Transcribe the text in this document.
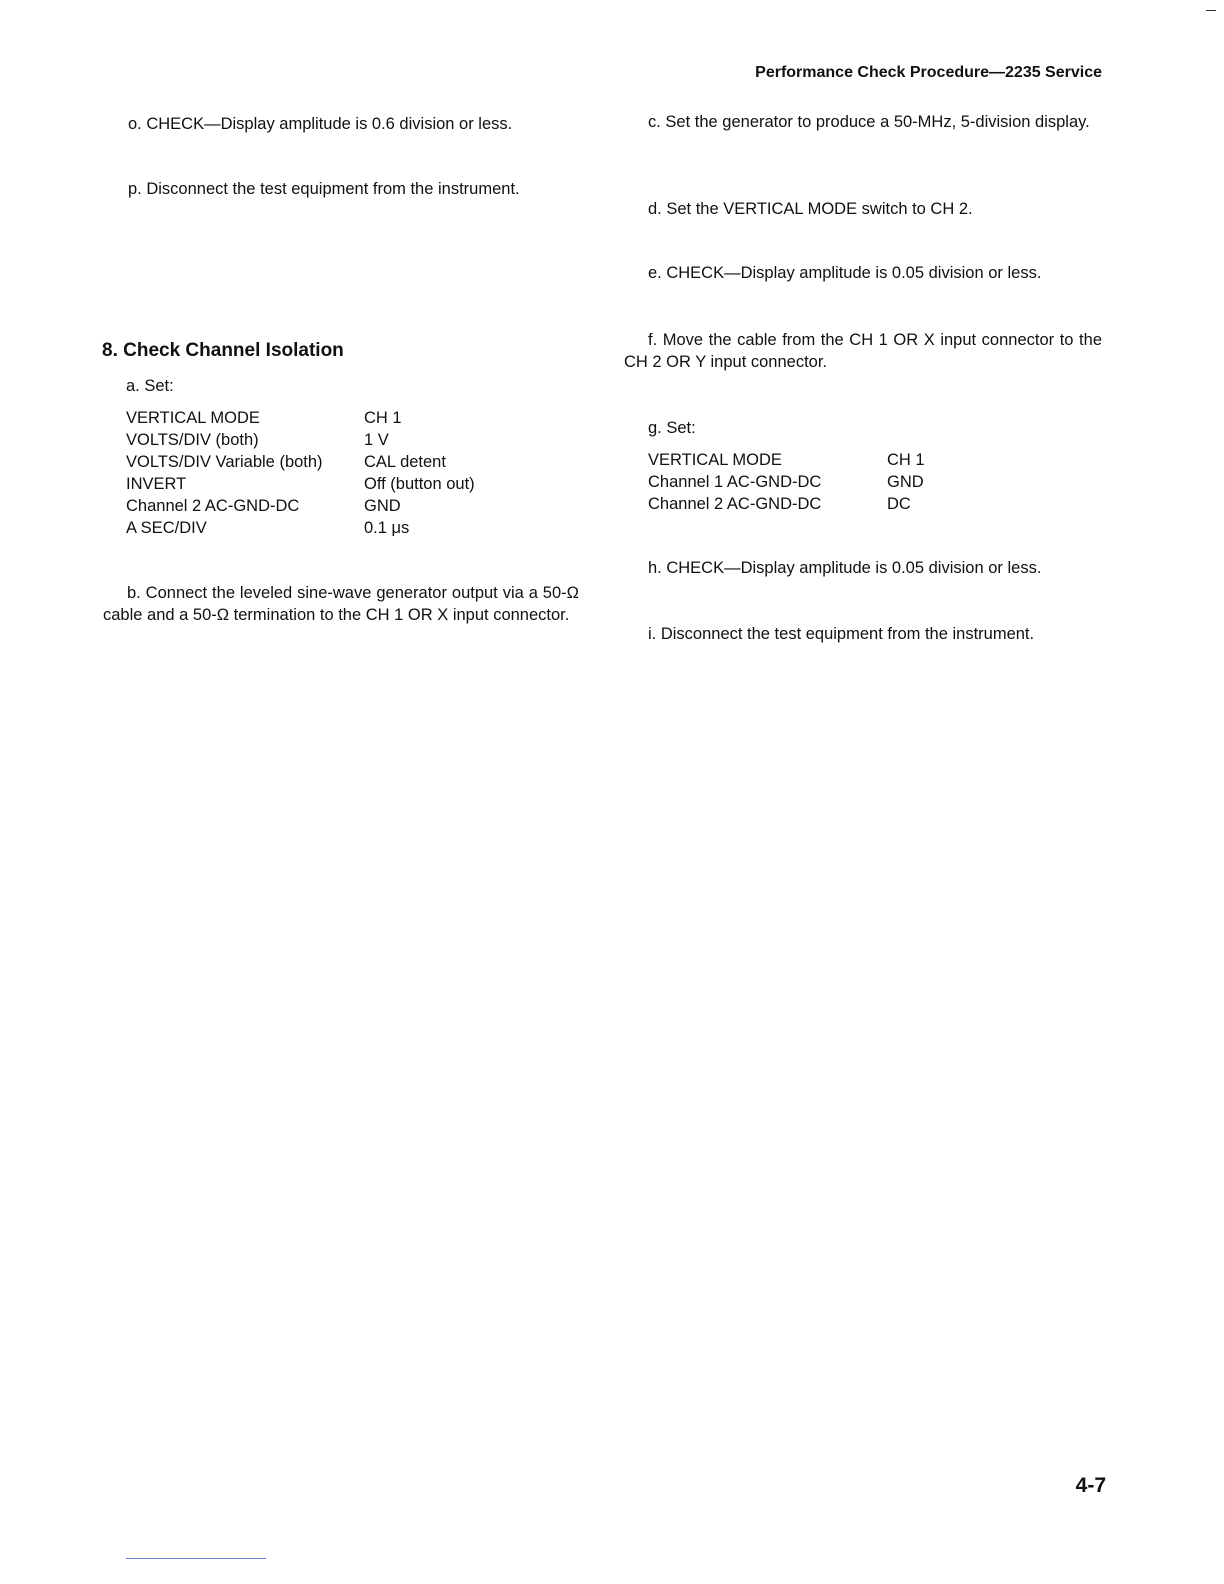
Performance Check Procedure—2235 Service
o. CHECK—Display amplitude is 0.6 division or less.
p. Disconnect the test equipment from the instrument.
8. Check Channel Isolation
a. Set:
VERTICAL MODE	CH 1
VOLTS/DIV (both)	1 V
VOLTS/DIV Variable (both)	CAL detent
INVERT	Off (button out)
Channel 2 AC-GND-DC	GND
A SEC/DIV	0.1 μs
b. Connect the leveled sine-wave generator output via a 50-Ω cable and a 50-Ω termination to the CH 1 OR X input connector.
c. Set the generator to produce a 50-MHz, 5-division display.
d. Set the VERTICAL MODE switch to CH 2.
e. CHECK—Display amplitude is 0.05 division or less.
f. Move the cable from the CH 1 OR X input connector to the CH 2 OR Y input connector.
g. Set:
VERTICAL MODE	CH 1
Channel 1 AC-GND-DC	GND
Channel 2 AC-GND-DC	DC
h. CHECK—Display amplitude is 0.05 division or less.
i. Disconnect the test equipment from the instrument.
4-7
